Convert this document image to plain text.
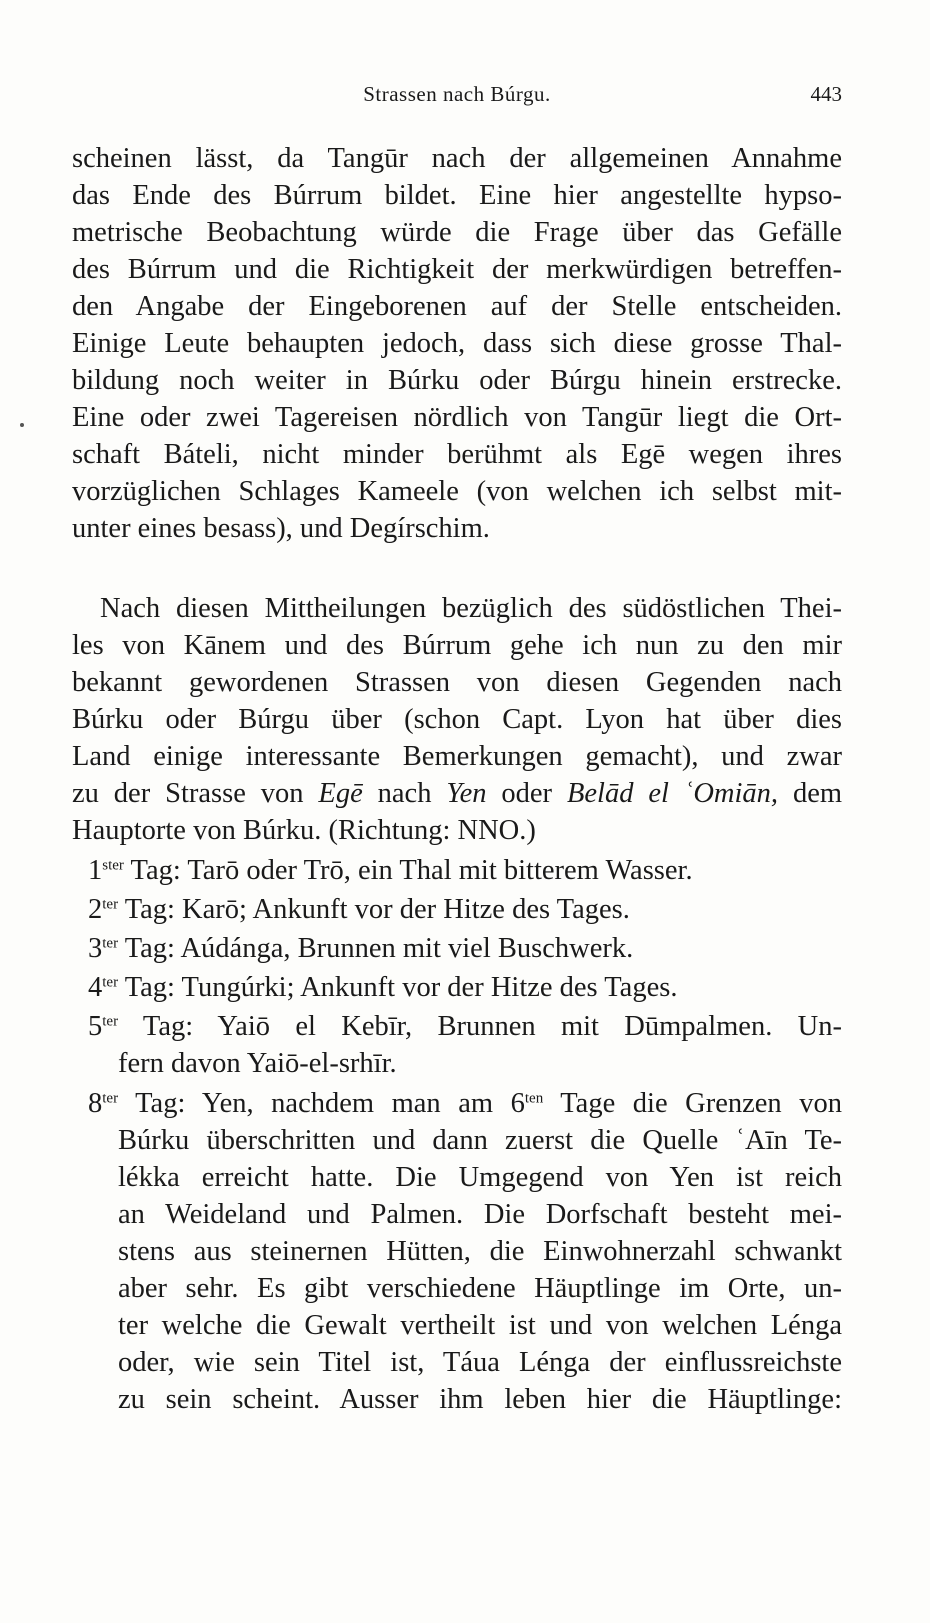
Strassen nach Búrgu.	443
scheinen lässt, da Tangūr nach der allgemeinen Annahme
das Ende des Búrrum bildet. Eine hier angestellte hypso-
metrische Beobachtung würde die Frage über das Gefälle
des Búrrum und die Richtigkeit der merkwürdigen betreffen-
den Angabe der Eingeborenen auf der Stelle entscheiden.
Einige Leute behaupten jedoch, dass sich diese grosse Thal-
bildung noch weiter in Búrku oder Búrgu hinein erstrecke.
Eine oder zwei Tagereisen nördlich von Tangūr liegt die Ort-
schaft Báteli, nicht minder berühmt als Egē wegen ihres
vorzüglichen Schlages Kameele (von welchen ich selbst mit-
unter eines besass), und Degírschim.
Nach diesen Mittheilungen bezüglich des südöstlichen Thei-
les von Kānem und des Búrrum gehe ich nun zu den mir
bekannt gewordenen Strassen von diesen Gegenden nach
Búrku oder Búrgu über (schon Capt. Lyon hat über dies
Land einige interessante Bemerkungen gemacht), und zwar
zu der Strasse von Egē nach Yen oder Belād el ʿOmiān, dem
Hauptorte von Búrku. (Richtung: NNO.)
$1^{ster}$ Tag: Tarō oder Trō, ein Thal mit bitterem Wasser.
$2^{ter}$ Tag: Karō; Ankunft vor der Hitze des Tages.
$3^{ter}$ Tag: Aúdánga, Brunnen mit viel Buschwerk.
$4^{ter}$ Tag: Tungúrki; Ankunft vor der Hitze des Tages.
$5^{ter}$ Tag: Yaiō el Kebīr, Brunnen mit Dūmpalmen. Un-
fern davon Yaiō-el-srhīr.
$8^{ter}$ Tag: Yen, nachdem man am $6^{ten}$ Tage die Grenzen von
Búrku überschritten und dann zuerst die Quelle ʿAīn Te-
lékka erreicht hatte. Die Umgegend von Yen ist reich
an Weideland und Palmen. Die Dorfschaft besteht mei-
stens aus steinernen Hütten, die Einwohnerzahl schwankt
aber sehr. Es gibt verschiedene Häuptlinge im Orte, un-
ter welche die Gewalt vertheilt ist und von welchen Lénga
oder, wie sein Titel ist, Táua Lénga der einflussreichste
zu sein scheint. Ausser ihm leben hier die Häuptlinge:
